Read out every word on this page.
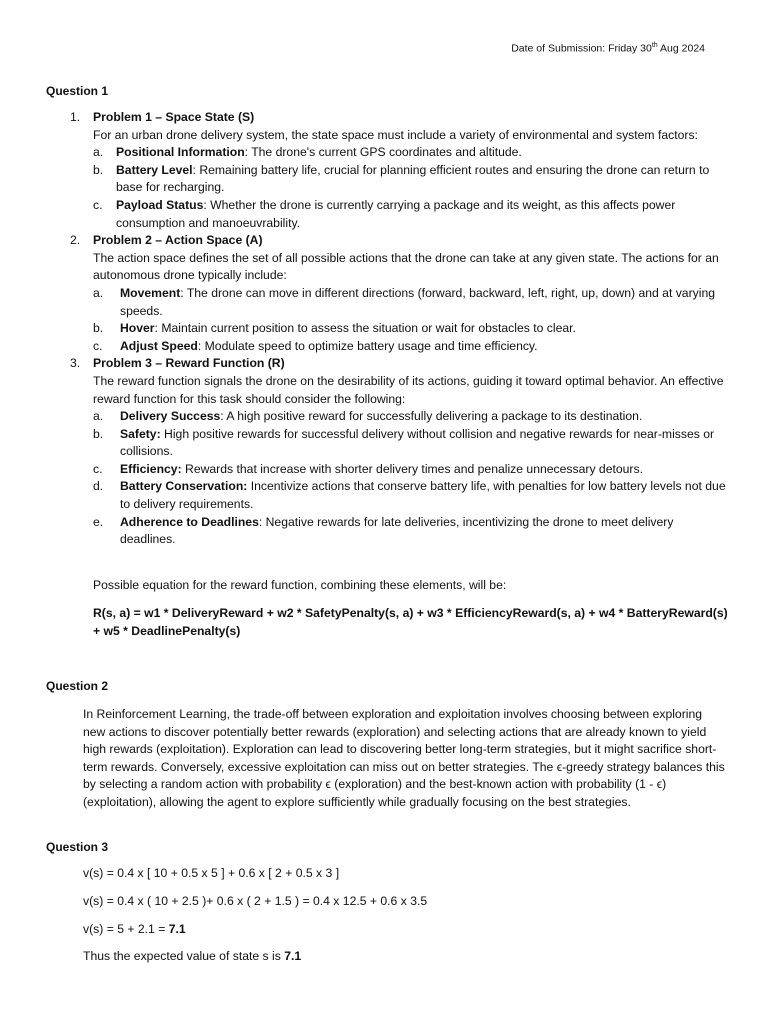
Date of Submission: Friday 30th Aug 2024
Question 1
1. Problem 1 – Space State (S)
For an urban drone delivery system, the state space must include a variety of environmental and system factors:
a. Positional Information: The drone's current GPS coordinates and altitude.
b. Battery Level: Remaining battery life, crucial for planning efficient routes and ensuring the drone can return to base for recharging.
c. Payload Status: Whether the drone is currently carrying a package and its weight, as this affects power consumption and manoeuvrability.
2. Problem 2 – Action Space (A)
The action space defines the set of all possible actions that the drone can take at any given state. The actions for an autonomous drone typically include:
a. Movement: The drone can move in different directions (forward, backward, left, right, up, down) and at varying speeds.
b. Hover: Maintain current position to assess the situation or wait for obstacles to clear.
c. Adjust Speed: Modulate speed to optimize battery usage and time efficiency.
3. Problem 3 – Reward Function (R)
The reward function signals the drone on the desirability of its actions, guiding it toward optimal behavior. An effective reward function for this task should consider the following:
a. Delivery Success: A high positive reward for successfully delivering a package to its destination.
b. Safety: High positive rewards for successful delivery without collision and negative rewards for near-misses or collisions.
c. Efficiency: Rewards that increase with shorter delivery times and penalize unnecessary detours.
d. Battery Conservation: Incentivize actions that conserve battery life, with penalties for low battery levels not due to delivery requirements.
e. Adherence to Deadlines: Negative rewards for late deliveries, incentivizing the drone to meet delivery deadlines.
Possible equation for the reward function, combining these elements, will be:
R(s, a) = w1 * DeliveryReward + w2 * SafetyPenalty(s, a) + w3 * EfficiencyReward(s, a) + w4 * BatteryReward(s) + w5 * DeadlinePenalty(s)
Question 2
In Reinforcement Learning, the trade-off between exploration and exploitation involves choosing between exploring new actions to discover potentially better rewards (exploration) and selecting actions that are already known to yield high rewards (exploitation). Exploration can lead to discovering better long-term strategies, but it might sacrifice short-term rewards. Conversely, excessive exploitation can miss out on better strategies. The ϵ-greedy strategy balances this by selecting a random action with probability ϵ (exploration) and the best-known action with probability (1 - ϵ) (exploitation), allowing the agent to explore sufficiently while gradually focusing on the best strategies.
Question 3
v(s) = 0.4 x [ 10 + 0.5 x 5 ] + 0.6 x [ 2 + 0.5 x 3 ]
v(s) = 0.4 x ( 10 + 2.5 )+ 0.6 x ( 2 + 1.5 ) = 0.4 x 12.5 + 0.6 x 3.5
v(s) = 5 + 2.1 = 7.1
Thus the expected value of state s is 7.1
